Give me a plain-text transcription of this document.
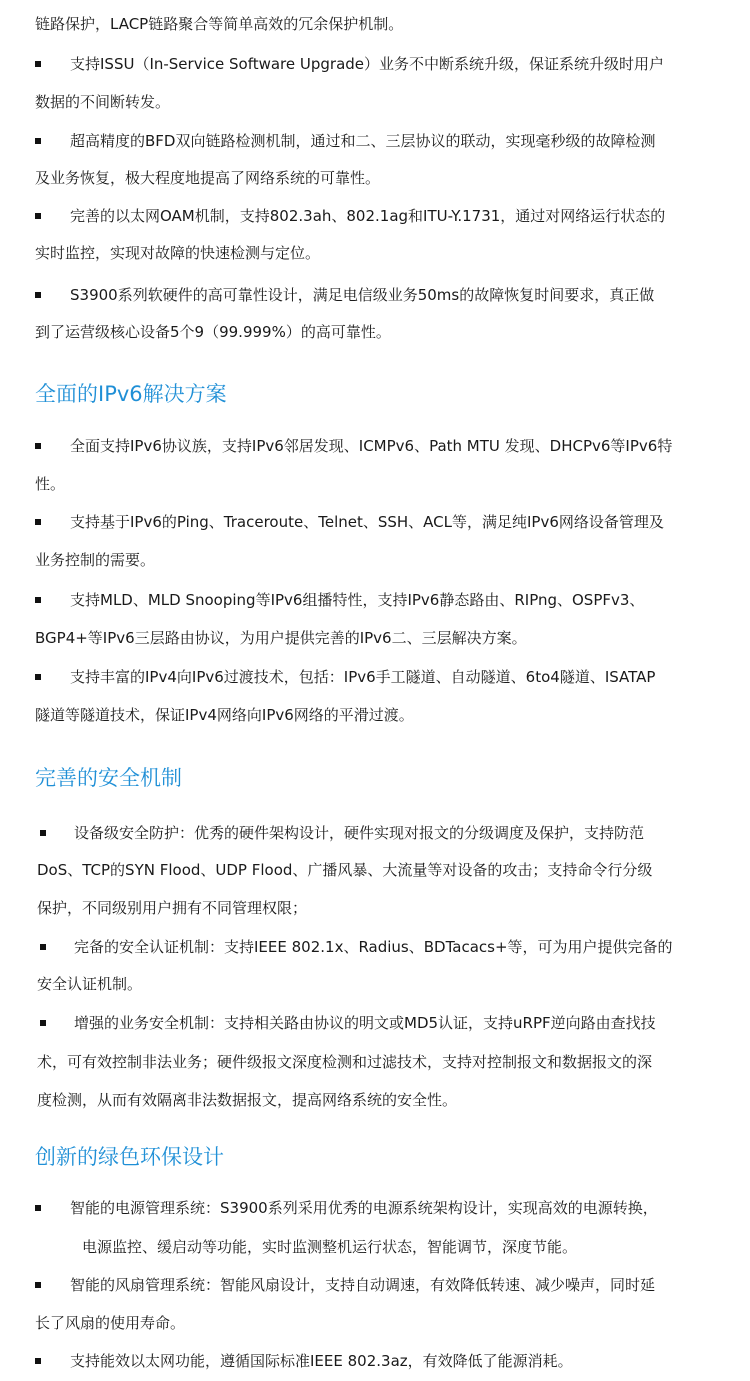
链路保护，LACP链路聚合等简单高效的冗余保护机制。
支持ISSU（In-Service Software Upgrade）业务不中断系统升级，保证系统升级时用户
数据的不间断转发。
超高精度的BFD双向链路检测机制，通过和二、三层协议的联动，实现毫秒级的故障检测
及业务恢复，极大程度地提高了网络系统的可靠性。
完善的以太网OAM机制，支持802.3ah、802.1ag和ITU-Y.1731，通过对网络运行状态的
实时监控，实现对故障的快速检测与定位。
S3900系列软硬件的高可靠性设计，满足电信级业务50ms的故障恢复时间要求，真正做
到了运营级核心设备5个9（99.999%）的高可靠性。
全面的IPv6解决方案
全面支持IPv6协议族，支持IPv6邻居发现、ICMPv6、Path MTU 发现、DHCPv6等IPv6特
性。
支持基于IPv6的Ping、Traceroute、Telnet、SSH、ACL等，满足纯IPv6网络设备管理及
业务控制的需要。
支持MLD、MLD Snooping等IPv6组播特性，支持IPv6静态路由、RIPng、OSPFv3、
BGP4+等IPv6三层路由协议，为用户提供完善的IPv6二、三层解决方案。
支持丰富的IPv4向IPv6过渡技术，包括：IPv6手工隧道、自动隧道、6to4隧道、ISATAP
隧道等隧道技术，保证IPv4网络向IPv6网络的平滑过渡。
完善的安全机制
设备级安全防护：优秀的硬件架构设计，硬件实现对报文的分级调度及保护，支持防范
DoS、TCP的SYN Flood、UDP Flood、广播风暴、大流量等对设备的攻击；支持命令行分级
保护，不同级别用户拥有不同管理权限；
完备的安全认证机制：支持IEEE 802.1x、Radius、BDTacacs+等，可为用户提供完备的
安全认证机制。
增强的业务安全机制：支持相关路由协议的明文或MD5认证，支持uRPF逆向路由查找技
术，可有效控制非法业务；硬件级报文深度检测和过滤技术，支持对控制报文和数据报文的深
度检测，从而有效隔离非法数据报文，提高网络系统的安全性。
创新的绿色环保设计
智能的电源管理系统：S3900系列采用优秀的电源系统架构设计，实现高效的电源转换，
电源监控、缓启动等功能，实时监测整机运行状态，智能调节，深度节能。
智能的风扇管理系统：智能风扇设计，支持自动调速，有效降低转速、减少噪声，同时延
长了风扇的使用寿命。
支持能效以太网功能，遵循国际标准IEEE 802.3az，有效降低了能源消耗。
